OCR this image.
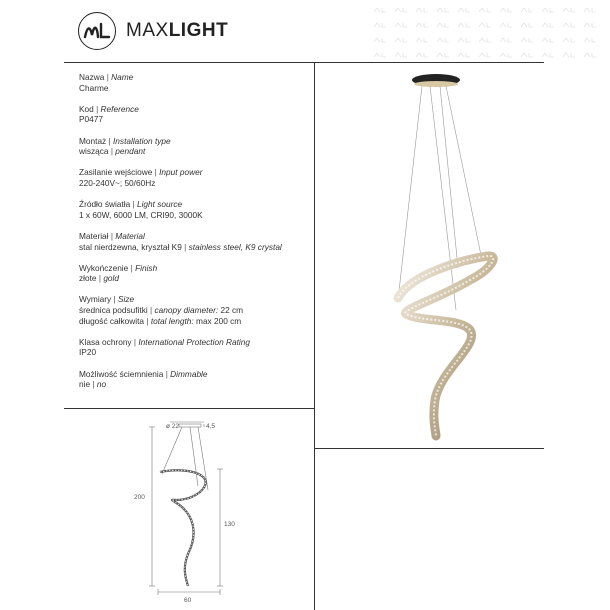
MAXLIGHT
Nazwa | Name
Charme
Kod | Reference
P0477
Montaż | Installation type
wisząca | pendant
Zasilanie wejściowe | Input power
220-240V~; 50/60Hz
Źródło światła | Light source
1 x 60W, 6000 LM, CRI90, 3000K
Materiał | Material
stal nierdzewna, kryształ K9 | stainless steel, K9 crystal
Wykończenie | Finish
złote | gold
Wymiary | Size
średnica podsufitki | canopy diameter: 22 cm
długość całkowita | total length: max 200 cm
Klasa ochrony | International Protection Rating
IP20
Możliwość ściemnienia | Dimmable
nie | no
ø 22	4,5
200
130
60
